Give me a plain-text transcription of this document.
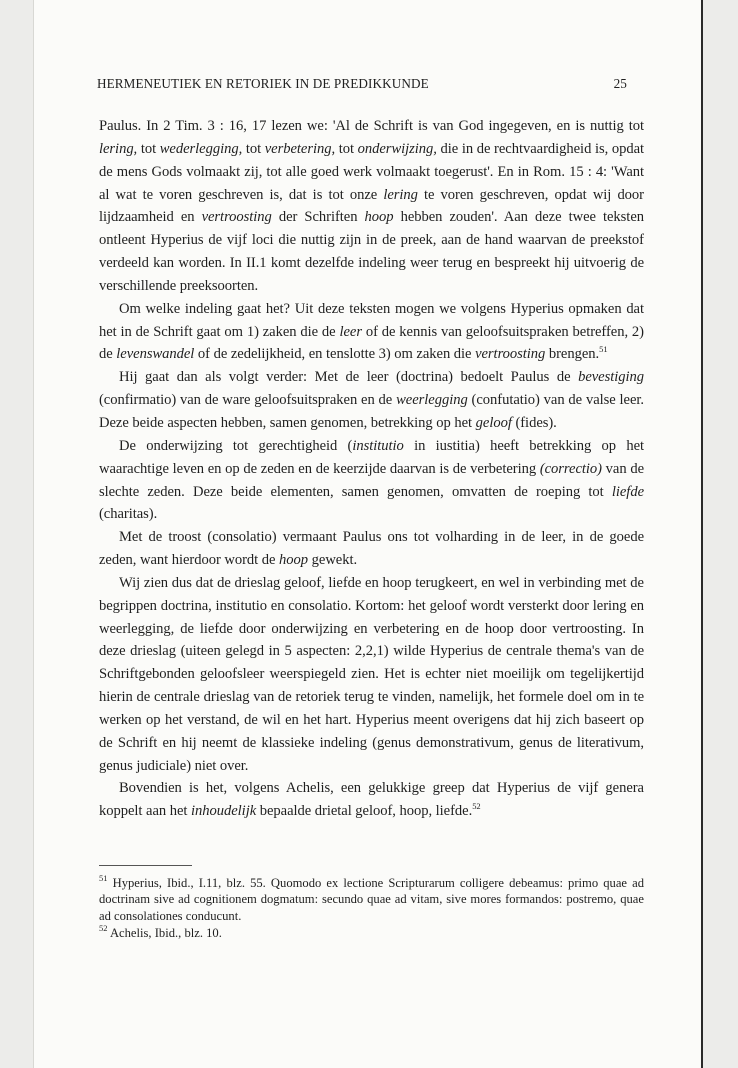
HERMENEUTIEK EN RETORIEK IN DE PREDIKKUNDE	25

Paulus. In 2 Tim. 3 : 16, 17 lezen we: 'Al de Schrift is van God ingegeven, en is nuttig tot lering, tot wederlegging, tot verbetering, tot onderwijzing, die in de rechtvaardigheid is, opdat de mens Gods volmaakt zij, tot alle goed werk volmaakt toegerust'. En in Rom. 15 : 4: 'Want al wat te voren geschreven is, dat is tot onze lering te voren geschreven, opdat wij door lijdzaamheid en vertroosting der Schriften hoop hebben zouden'. Aan deze twee teksten ontleent Hyperius de vijf loci die nuttig zijn in de preek, aan de hand waarvan de preekstof verdeeld kan worden. In II.1 komt dezelfde indeling weer terug en bespreekt hij uitvoerig de verschillende preeksoorten.

Om welke indeling gaat het? Uit deze teksten mogen we volgens Hyperius opmaken dat het in de Schrift gaat om 1) zaken die de leer of de kennis van geloofsuitspraken betreffen, 2) de levenswandel of de zedelijkheid, en tenslotte 3) om zaken die vertroosting brengen.$^{51}$

Hij gaat dan als volgt verder: Met de leer (doctrina) bedoelt Paulus de bevestiging (confirmatio) van de ware geloofsuitspraken en de weerlegging (confutatio) van de valse leer. Deze beide aspecten hebben, samen genomen, betrekking op het geloof (fides).

De onderwijzing tot gerechtigheid (institutio in iustitia) heeft betrekking op het waarachtige leven en op de zeden en de keerzijde daarvan is de verbetering (correctio) van de slechte zeden. Deze beide elementen, samen genomen, omvatten de roeping tot liefde (charitas).

Met de troost (consolatio) vermaant Paulus ons tot volharding in de leer, in de goede zeden, want hierdoor wordt de hoop gewekt.

Wij zien dus dat de drieslag geloof, liefde en hoop terugkeert, en wel in verbinding met de begrippen doctrina, institutio en consolatio. Kortom: het geloof wordt versterkt door lering en weerlegging, de liefde door onderwijzing en verbetering en de hoop door vertroosting. In deze drieslag (uiteen gelegd in 5 aspecten: 2,2,1) wilde Hyperius de centrale thema's van de Schriftgebonden geloofsleer weerspiegeld zien. Het is echter niet moeilijk om tegelijkertijd hierin de centrale drieslag van de retoriek terug te vinden, namelijk, het formele doel om in te werken op het verstand, de wil en het hart. Hyperius meent overigens dat hij zich baseert op de Schrift en hij neemt de klassieke indeling (genus demonstrativum, genus de literativum, genus judiciale) niet over.

Bovendien is het, volgens Achelis, een gelukkige greep dat Hyperius de vijf genera koppelt aan het inhoudelijk bepaalde drietal geloof, hoop, liefde.$^{52}$

$^{51}$ Hyperius, Ibid., I.11, blz. 55. Quomodo ex lectione Scripturarum colligere debeamus: primo quae ad doctrinam sive ad cognitionem dogmatum: secundo quae ad vitam, sive mores formandos: postremo, quae ad consolationes conducunt.

$^{52}$ Achelis, Ibid., blz. 10.
